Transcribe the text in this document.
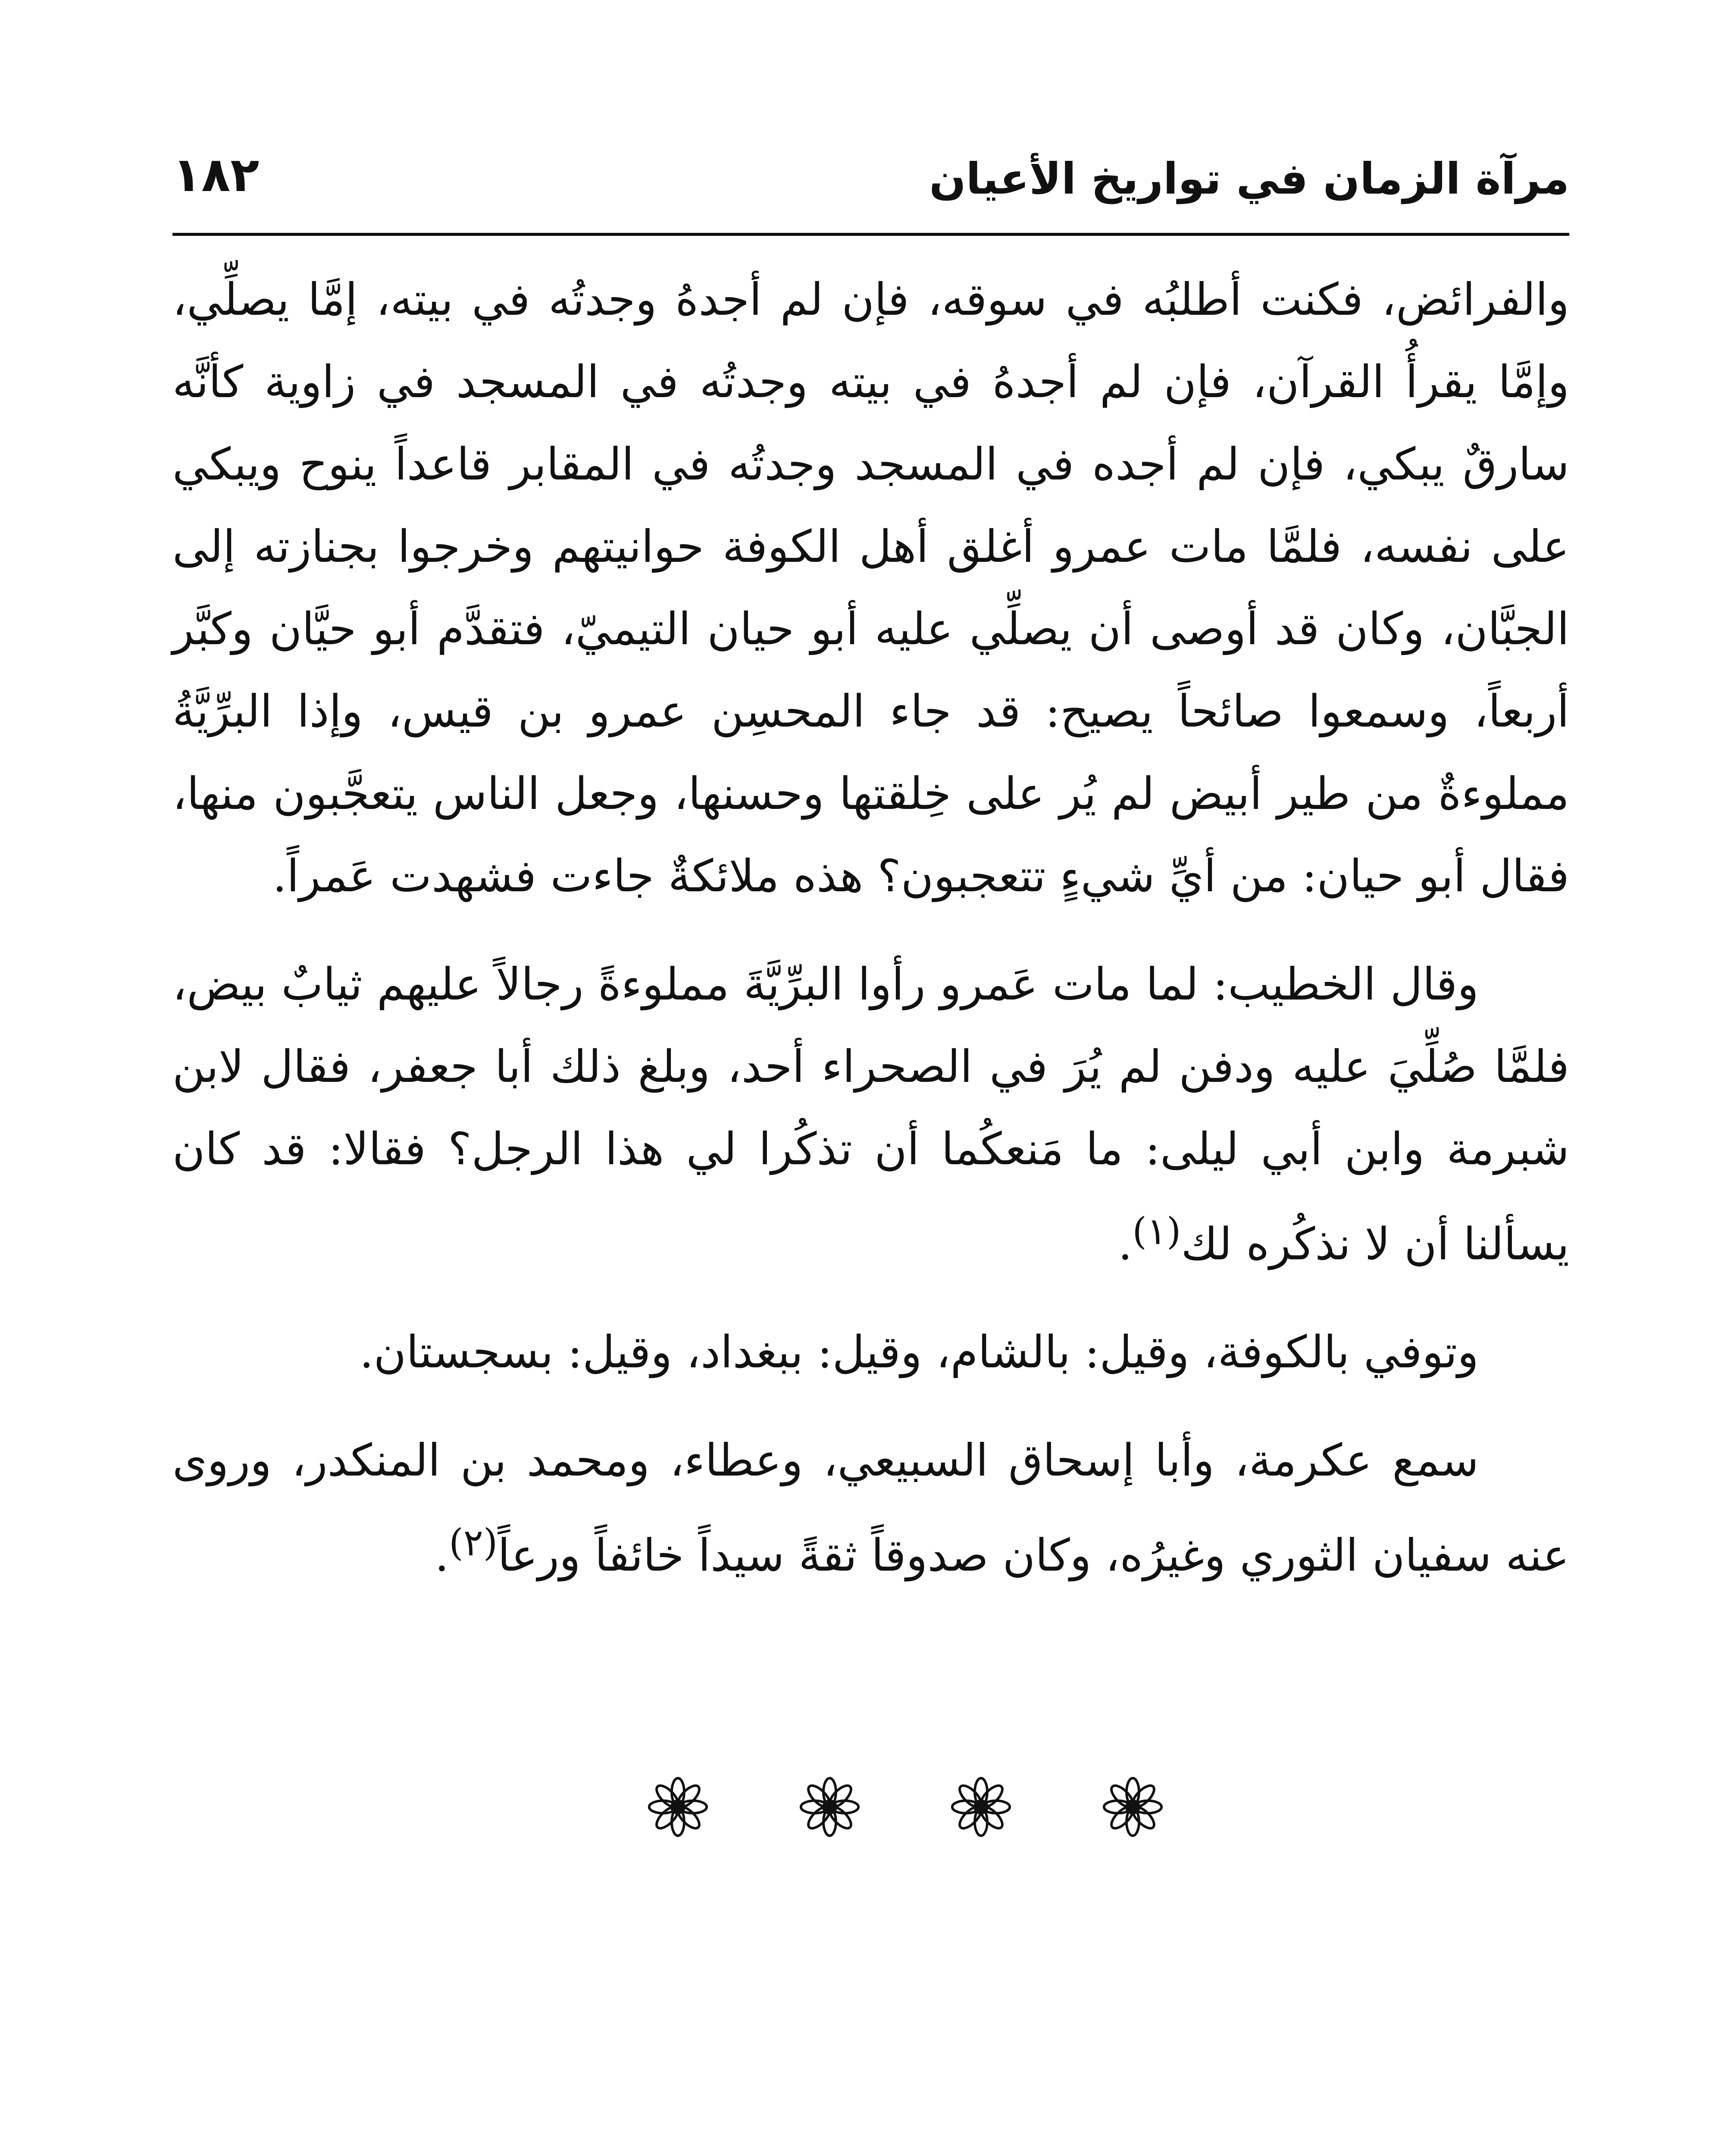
مرآة الزمان في تواريخ الأعيان
١٨٢

والفرائض، فكنت أطلبُه في سوقه، فإن لم أجدهُ وجدتُه في بيته، إمَّا يصلِّي، وإمَّا يقرأُ القرآن، فإن لم أجدهُ في بيته وجدتُه في المسجد في زاوية كأنَّه سارقٌ يبكي، فإن لم أجده في المسجد وجدتُه في المقابر قاعداً ينوح ويبكي على نفسه، فلمَّا مات عمرو أغلق أهل الكوفة حوانيتهم وخرجوا بجنازته إلى الجبَّان، وكان قد أوصى أن يصلِّي عليه أبو حيان التيميّ، فتقدَّم أبو حيَّان وكبَّر أربعاً، وسمعوا صائحاً يصيح: قد جاء المحسِن عمرو بن قيس، وإذا البرِّيَّةُ مملوءةٌ من طير أبيض لم يُر على خِلقتها وحسنها، وجعل الناس يتعجَّبون منها، فقال أبو حيان: من أيِّ شيءٍ تتعجبون؟ هذه ملائكةٌ جاءت فشهدت عَمراً.

وقال الخطيب: لما مات عَمرو رأوا البرِّيَّةَ مملوءةً رجالاً عليهم ثيابٌ بيض، فلمَّا صُلِّيَ عليه ودفن لم يُرَ في الصحراء أحد، وبلغ ذلك أبا جعفر، فقال لابن شبرمة وابن أبي ليلى: ما مَنعكُما أن تذكُرا لي هذا الرجل؟ فقالا: قد كان يسألنا أن لا نذكُره لك$^{(١)}$.

وتوفي بالكوفة، وقيل: بالشام، وقيل: ببغداد، وقيل: بسجستان.

سمع عكرمة، وأبا إسحاق السبيعي، وعطاء، ومحمد بن المنكدر، وروى عنه سفيان الثوري وغيرُه، وكان صدوقاً ثقةً سيداً خائفاً ورعاً$^{(٢)}$.
